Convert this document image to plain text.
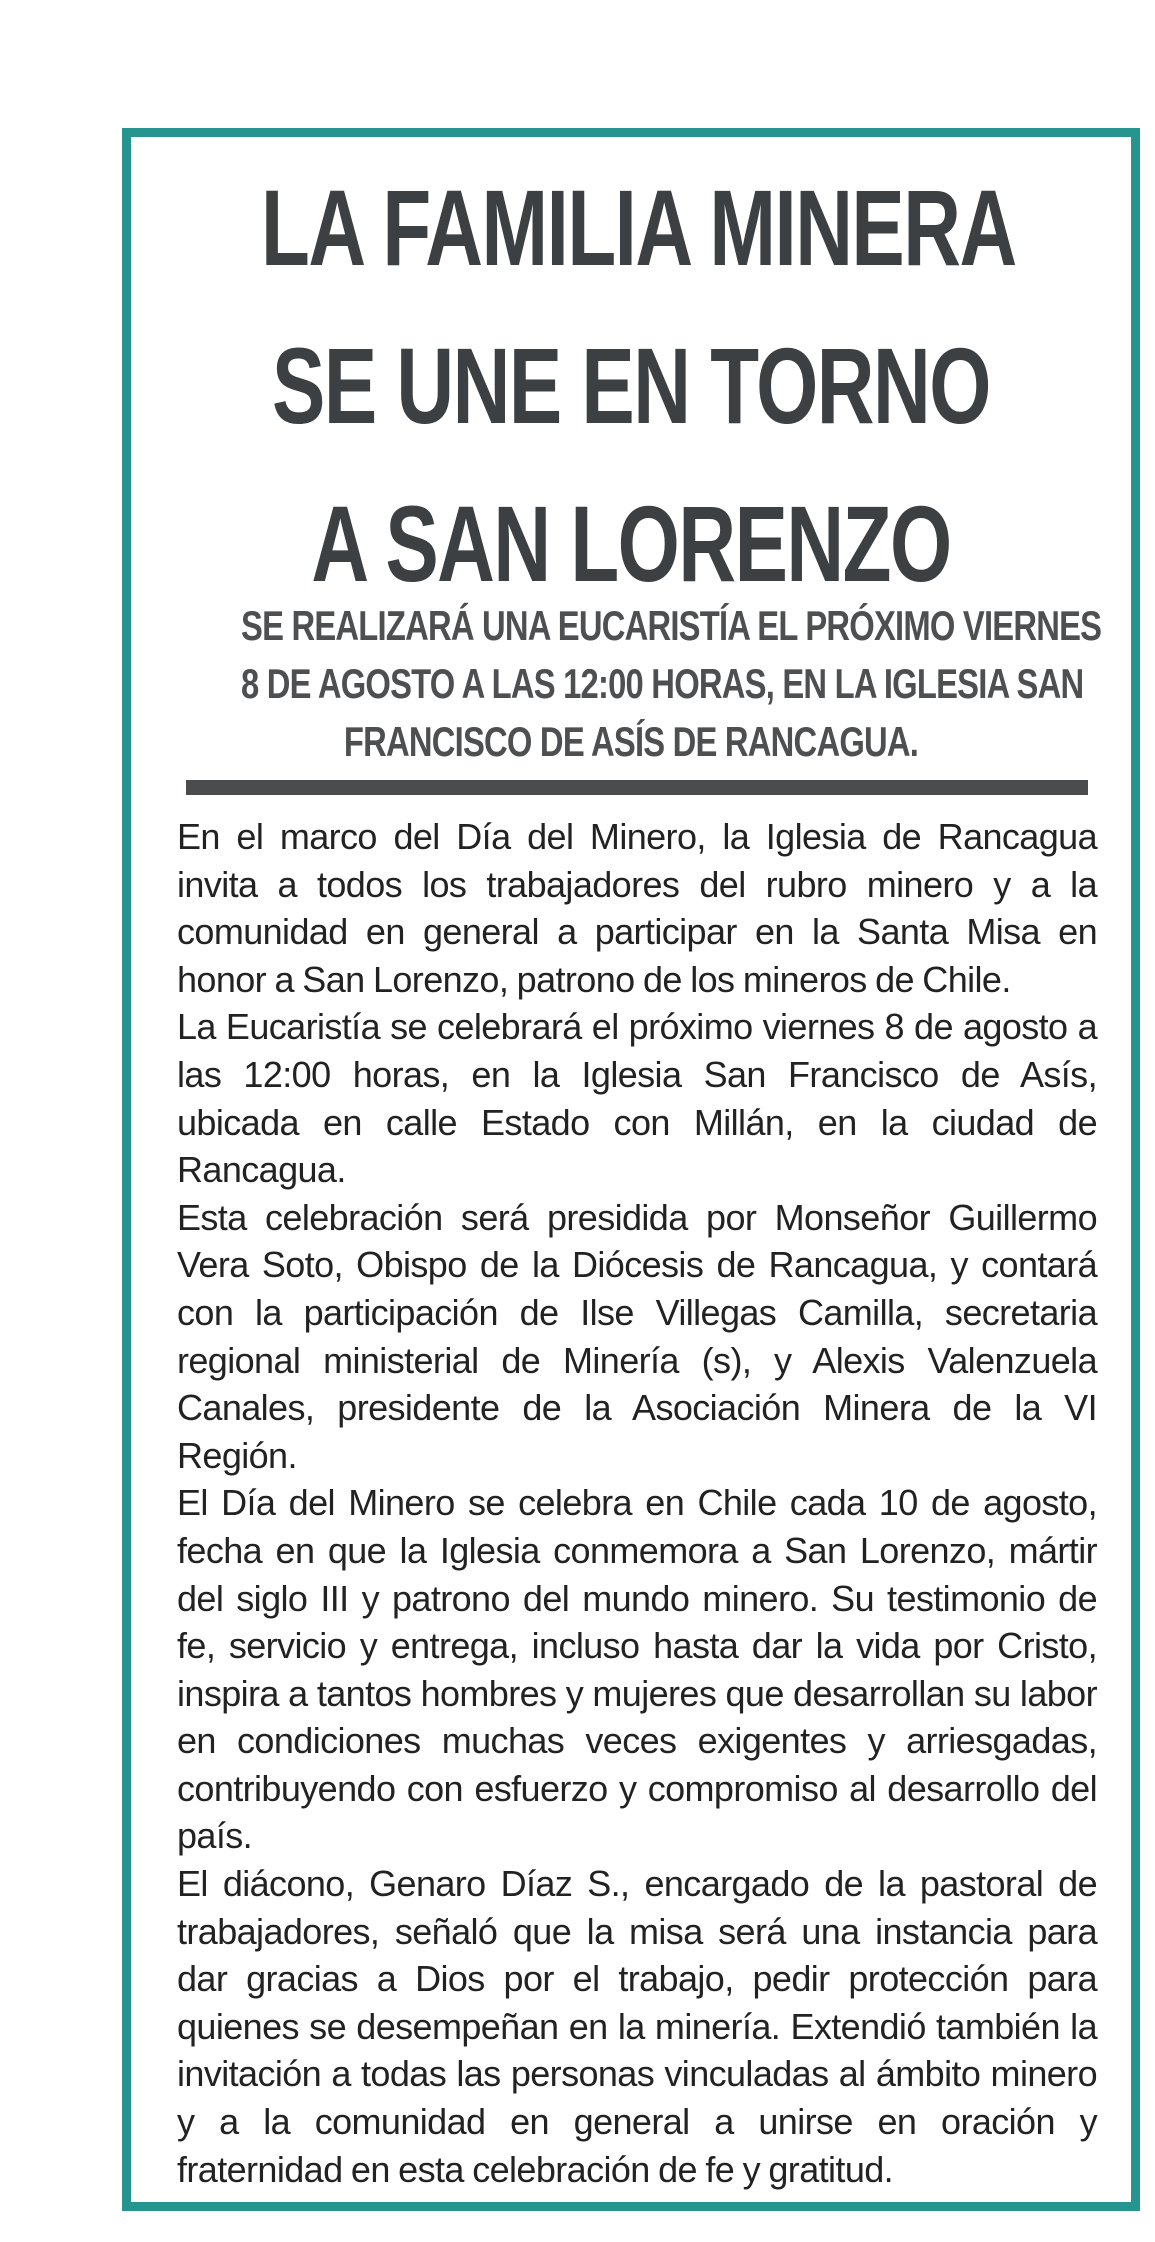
LA FAMILIA MINERA
SE UNE EN TORNO
A SAN LORENZO
SE REALIZARÁ UNA EUCARISTÍA EL PRÓXIMO VIERNES
8 DE AGOSTO A LAS 12:00 HORAS, EN LA IGLESIA SAN
FRANCISCO DE ASÍS DE RANCAGUA.

En el marco del Día del Minero, la Iglesia de Rancagua invita a todos los trabajadores del rubro minero y a la comunidad en general a participar en la Santa Misa en honor a San Lorenzo, patrono de los mineros de Chile.

La Eucaristía se celebrará el próximo viernes 8 de agosto a las 12:00 horas, en la Iglesia San Francisco de Asís, ubicada en calle Estado con Millán, en la ciudad de Rancagua.

Esta celebración será presidida por Monseñor Guillermo Vera Soto, Obispo de la Diócesis de Rancagua, y contará con la participación de Ilse Villegas Camilla, secretaria regional ministerial de Minería (s), y Alexis Valenzuela Canales, presidente de la Asociación Minera de la VI Región.

El Día del Minero se celebra en Chile cada 10 de agosto, fecha en que la Iglesia conmemora a San Lorenzo, mártir del siglo III y patrono del mundo minero. Su testimonio de fe, servicio y entrega, incluso hasta dar la vida por Cristo, inspira a tantos hombres y mujeres que desarrollan su labor en condiciones muchas veces exigentes y arriesgadas, contribuyendo con esfuerzo y compromiso al desarrollo del país.

El diácono, Genaro Díaz S., encargado de la pastoral de trabajadores, señaló que la misa será una instancia para dar gracias a Dios por el trabajo, pedir protección para quienes se desempeñan en la minería. Extendió también la invitación a todas las personas vinculadas al ámbito minero y a la comunidad en general a unirse en oración y fraternidad en esta celebración de fe y gratitud.
